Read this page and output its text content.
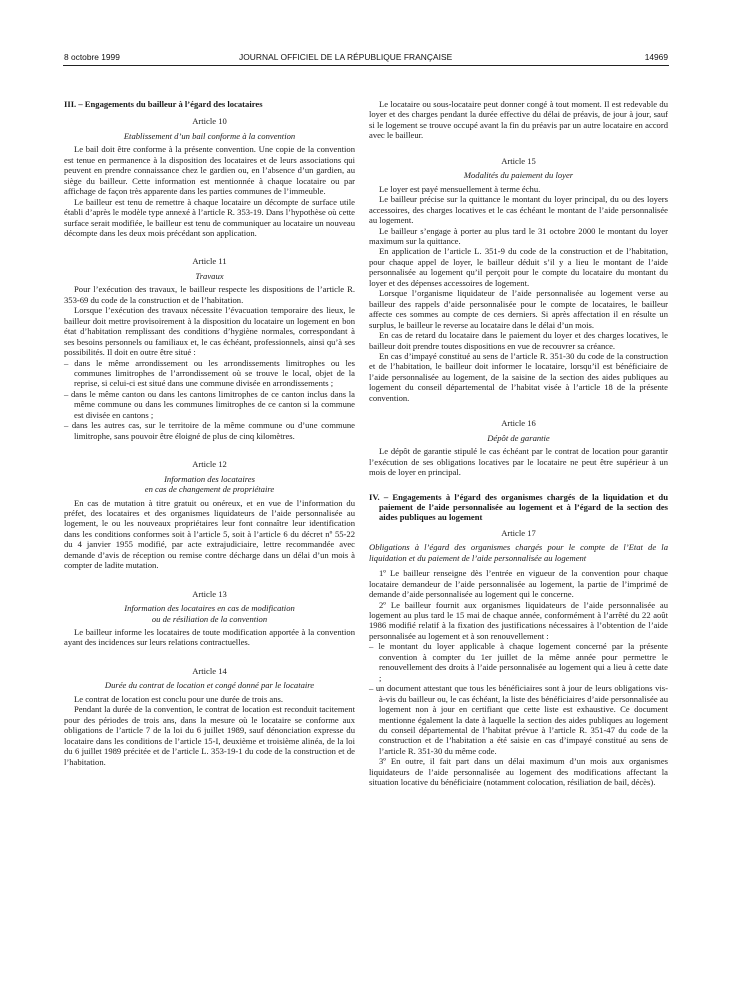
8 octobre 1999	JOURNAL OFFICIEL DE LA RÉPUBLIQUE FRANÇAISE	14969
III. – Engagements du bailleur à l’égard des locataires
Article 10
Etablissement d’un bail conforme à la convention

Le bail doit être conforme à la présente convention. Une copie de la convention est tenue en permanence à la disposition des locataires et de leurs associations qui peuvent en prendre connaissance chez le gardien ou, en l’absence d’un gardien, au siège du bailleur. Cette information est mentionnée à chaque locataire ou par affichage de façon très apparente dans les parties communes de l’immeuble.

Le bailleur est tenu de remettre à chaque locataire un décompte de surface utile établi d’après le modèle type annexé à l’article R. 353-19. Dans l’hypothèse où cette surface serait modifiée, le bailleur est tenu de communiquer au locataire un nouveau décompte dans les deux mois précédant son application.

Article 11
Travaux

Pour l’exécution des travaux, le bailleur respecte les dispositions de l’article R. 353-69 du code de la construction et de l’habitation.

Lorsque l’exécution des travaux nécessite l’évacuation temporaire des lieux, le bailleur doit mettre provisoirement à la disposition du locataire un logement en bon état d’habitation remplissant des conditions d’hygiène normales, correspondant à ses besoins personnels ou familiaux et, le cas échéant, professionnels, ainsi qu’à ses possibilités. Il doit en outre être situé :

– dans le même arrondissement ou les arrondissements limitrophes ou les communes limitrophes de l’arrondissement où se trouve le local, objet de la reprise, si celui-ci est situé dans une commune divisée en arrondissements ;
– dans le même canton ou dans les cantons limitrophes de ce canton inclus dans la même commune ou dans les communes limitrophes de ce canton si la commune est divisée en cantons ;
– dans les autres cas, sur le territoire de la même commune ou d’une commune limitrophe, sans pouvoir être éloigné de plus de cinq kilomètres.
Article 12
Information des locataires
en cas de changement de propriétaire

En cas de mutation à titre gratuit ou onéreux, et en vue de l’information du préfet, des locataires et des organismes liquidateurs de l’aide personnalisée au logement, le ou les nouveaux propriétaires leur font connaître leur identification dans les conditions conformes soit à l’article 5, soit à l’article 6 du décret nº 55-22 du 4 janvier 1955 modifié, par acte extrajudiciaire, lettre recommandée avec demande d’avis de réception ou remise contre décharge dans un délai d’un mois à compter de ladite mutation.

Article 13
Information des locataires en cas de modification
ou de résiliation de la convention

Le bailleur informe les locataires de toute modification apportée à la convention ayant des incidences sur leurs relations contractuelles.

Article 14
Durée du contrat de location et congé donné par le locataire

Le contrat de location est conclu pour une durée de trois ans.

Pendant la durée de la convention, le contrat de location est reconduit tacitement pour des périodes de trois ans, dans la mesure où le locataire se conforme aux obligations de l’article 7 de la loi du 6 juillet 1989, sauf dénonciation expresse du locataire dans les conditions de l’article 15-I, deuxième et troisième alinéa, de la loi du 6 juillet 1989 précitée et de l’article L. 353-19-1 du code de la construction et de l’habitation.

Le locataire ou sous-locataire peut donner congé à tout moment. Il est redevable du loyer et des charges pendant la durée effective du délai de préavis, de jour à jour, sauf si le logement se trouve occupé avant la fin du préavis par un autre locataire en accord avec le bailleur.

Article 15
Modalités du paiement du loyer

Le loyer est payé mensuellement à terme échu.

Le bailleur précise sur la quittance le montant du loyer principal, du ou des loyers accessoires, des charges locatives et le cas échéant le montant de l’aide personnalisée au logement.

Le bailleur s’engage à porter au plus tard le 31 octobre 2000 le montant du loyer maximum sur la quittance.

En application de l’article L. 351-9 du code de la construction et de l’habitation, pour chaque appel de loyer, le bailleur déduit s’il y a lieu le montant de l’aide personnalisée au logement qu’il perçoit pour le compte du locataire du montant du loyer et des dépenses accessoires de logement.

Lorsque l’organisme liquidateur de l’aide personnalisée au logement verse au bailleur des rappels d’aide personnalisée pour le compte de locataires, le bailleur affecte ces sommes au compte de ces derniers. Si après affectation il en résulte un surplus, le bailleur le reverse au locataire dans le délai d’un mois.

En cas de retard du locataire dans le paiement du loyer et des charges locatives, le bailleur doit prendre toutes dispositions en vue de recouvrer sa créance.

En cas d’impayé constitué au sens de l’article R. 351-30 du code de la construction et de l’habitation, le bailleur doit informer le locataire, lorsqu’il est bénéficiaire de l’aide personnalisée au logement, de la saisine de la section des aides publiques au logement du conseil départemental de l’habitat visée à l’article 18 de la présente convention.

Article 16
Dépôt de garantie

Le dépôt de garantie stipulé le cas échéant par le contrat de location pour garantir l’exécution de ses obligations locatives par le locataire ne peut être supérieur à un mois de loyer en principal.

IV. – Engagements à l’égard des organismes chargés de la liquidation et du paiement de l’aide personnalisée au logement et à l’égard de la section des aides publiques au logement
Article 17
Obligations à l’égard des organismes chargés pour le compte de l’Etat de la liquidation et du paiement de l’aide personnalisée au logement

1º Le bailleur renseigne dès l’entrée en vigueur de la convention pour chaque locataire demandeur de l’aide personnalisée au logement, la partie de l’imprimé de demande d’aide personnalisée au logement qui le concerne.

2º Le bailleur fournit aux organismes liquidateurs de l’aide personnalisée au logement au plus tard le 15 mai de chaque année, conformément à l’arrêté du 22 août 1986 modifié relatif à la fixation des justifications nécessaires à l’obtention de l’aide personnalisée au logement et à son renouvellement :

– le montant du loyer applicable à chaque logement concerné par la présente convention à compter du 1er juillet de la même année pour permettre le renouvellement des droits à l’aide personnalisée au logement qui a lieu à cette date ;
– un document attestant que tous les bénéficiaires sont à jour de leurs obligations vis-à-vis du bailleur ou, le cas échéant, la liste des bénéficiaires d’aide personnalisée au logement non à jour en certifiant que cette liste est exhaustive. Ce document mentionne également la date à laquelle la section des aides publiques au logement du conseil départemental de l’habitat prévue à l’article R. 351-47 du code de la construction et de l’habitation a été saisie en cas d’impayé constitué au sens de l’article R. 351-30 du même code.

3º En outre, il fait part dans un délai maximum d’un mois aux organismes liquidateurs de l’aide personnalisée au logement des modifications affectant la situation locative du bénéficiaire (notamment colocation, résiliation de bail, décès).
